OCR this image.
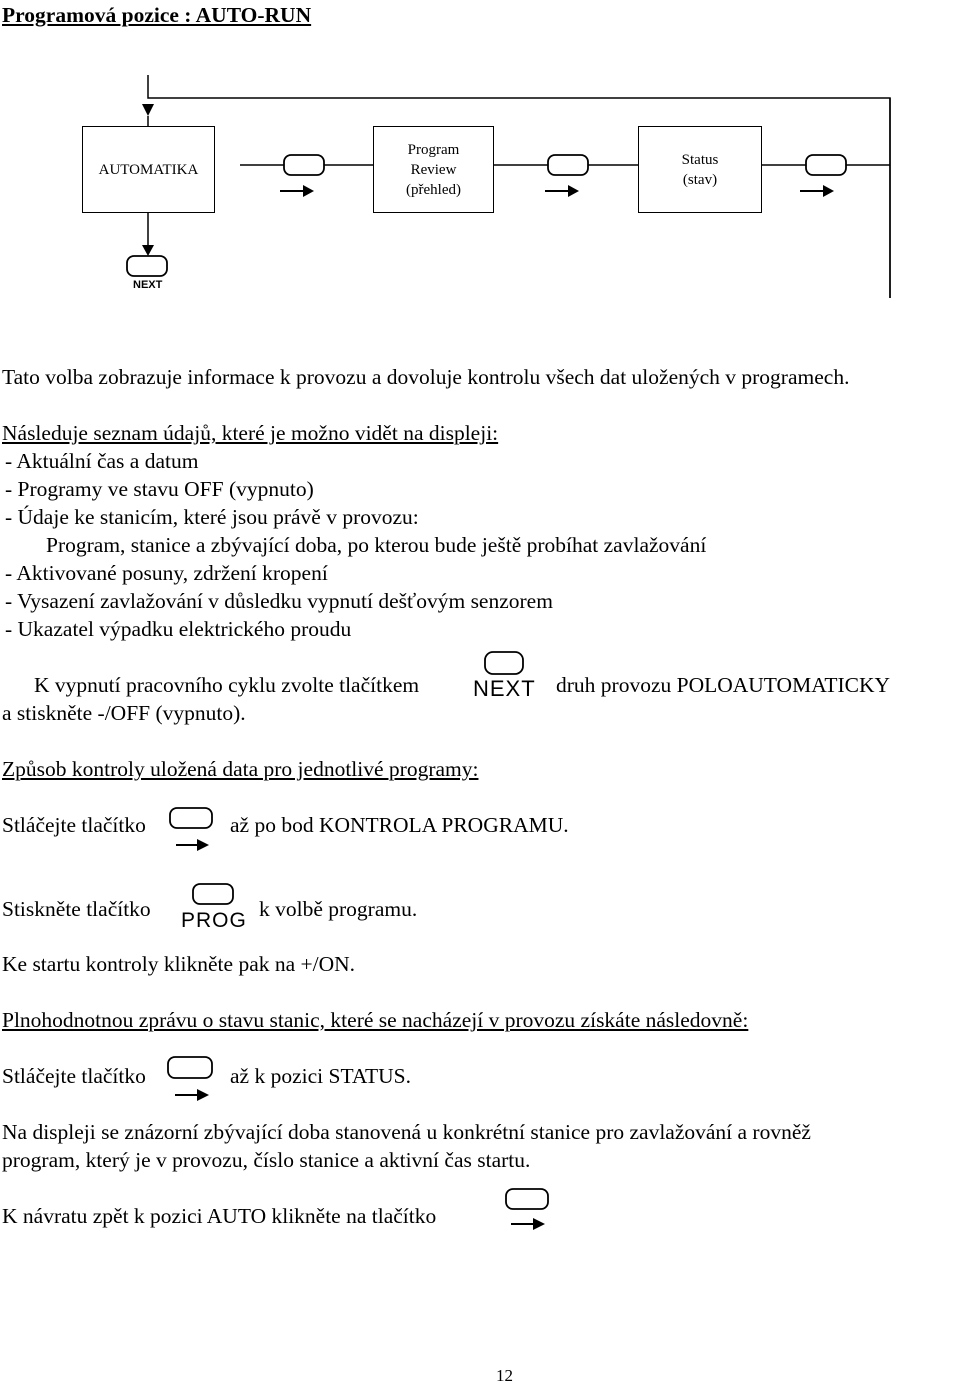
Programová pozice : AUTO-RUN
NEXT
AUTOMATIKA
Program
Review
(přehled)
Status
(stav)
Tato volba zobrazuje informace k provozu a dovoluje kontrolu všech dat uložených v programech.
Následuje seznam údajů, které je možno vidět na displeji:
- Aktuální čas a datum
- Programy ve stavu OFF (vypnuto)
- Údaje ke stanicím, které jsou právě v provozu:
Program, stanice a zbývající doba, po kterou bude ještě probíhat zavlažování
- Aktivované posuny, zdržení kropení
- Vysazení zavlažování v důsledku vypnutí dešťovým senzorem
- Ukazatel výpadku elektrického proudu
K vypnutí pracovního cyklu zvolte tlačítkem NEXT druh provozu POLOAUTOMATICKY
a stiskněte -/OFF (vypnuto).
Způsob kontroly uložená data pro jednotlivé programy:
Stláčejte tlačítko	až po bod KONTROLA PROGRAMU.
Stiskněte tlačítko PROG k volbě programu.
Ke startu kontroly klikněte pak na +/ON.
Plnohodnotnou zprávu o stavu stanic, které se nacházejí v provozu získáte následovně:
Stláčejte tlačítko	až k pozici STATUS.
Na displeji se znázorní zbývající doba stanovená u konkrétní stanice pro zavlažování a rovněž
program, který je v provozu, číslo stanice a aktivní čas startu.
K návratu zpět k pozici AUTO klikněte na tlačítko
12
